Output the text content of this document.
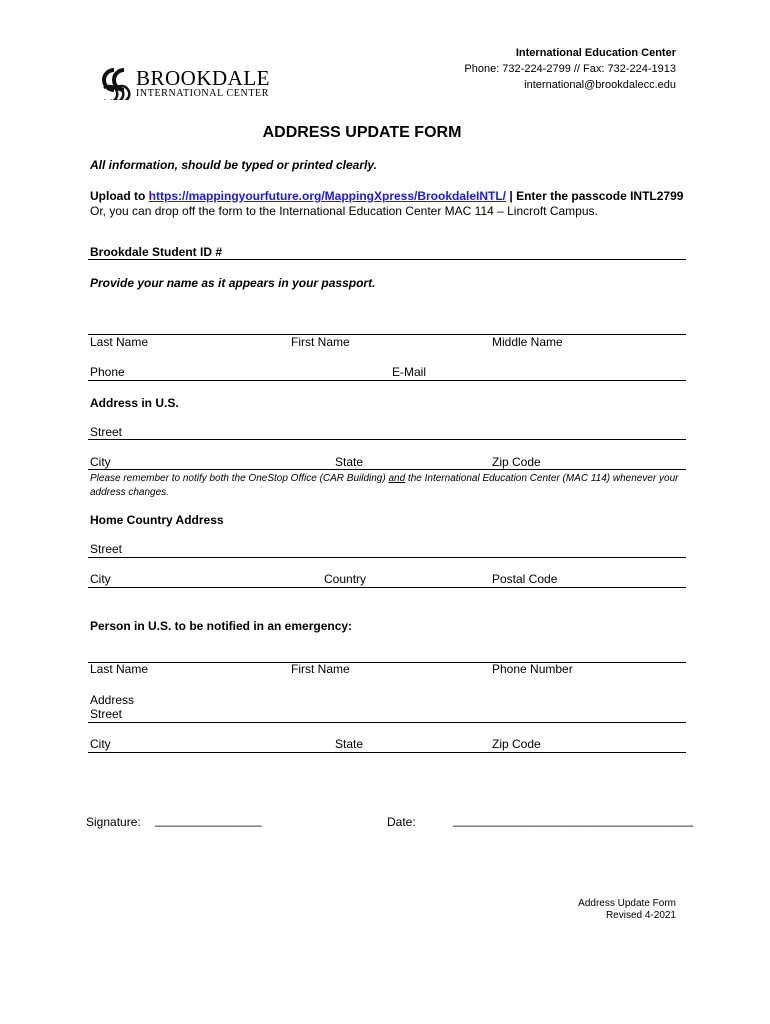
BROOKDALE
INTERNATIONAL CENTER
International Education Center
Phone: 732-224-2799 // Fax: 732-224-1913
international@brookdalecc.edu
ADDRESS UPDATE FORM
All information, should be typed or printed clearly.
Upload to https://mappingyourfuture.org/MappingXpress/BrookdaleINTL/ | Enter the passcode INTL2799
Or, you can drop off the form to the International Education Center MAC 114 – Lincroft Campus.
Brookdale Student ID #
Provide your name as it appears in your passport.
Last Name	First Name	Middle Name
Phone	E-Mail
Address in U.S.
Street
City	State	Zip Code
Please remember to notify both the OneStop Office (CAR Building) and the International Education Center (MAC 114) whenever your address changes.
Home Country Address
Street
City	Country	Postal Code
Person in U.S. to be notified in an emergency:
Last Name	First Name	Phone Number
Address
Street
City	State	Zip Code
Signature: ________________	Date:	____________________________________
Address Update Form
Revised 4-2021
